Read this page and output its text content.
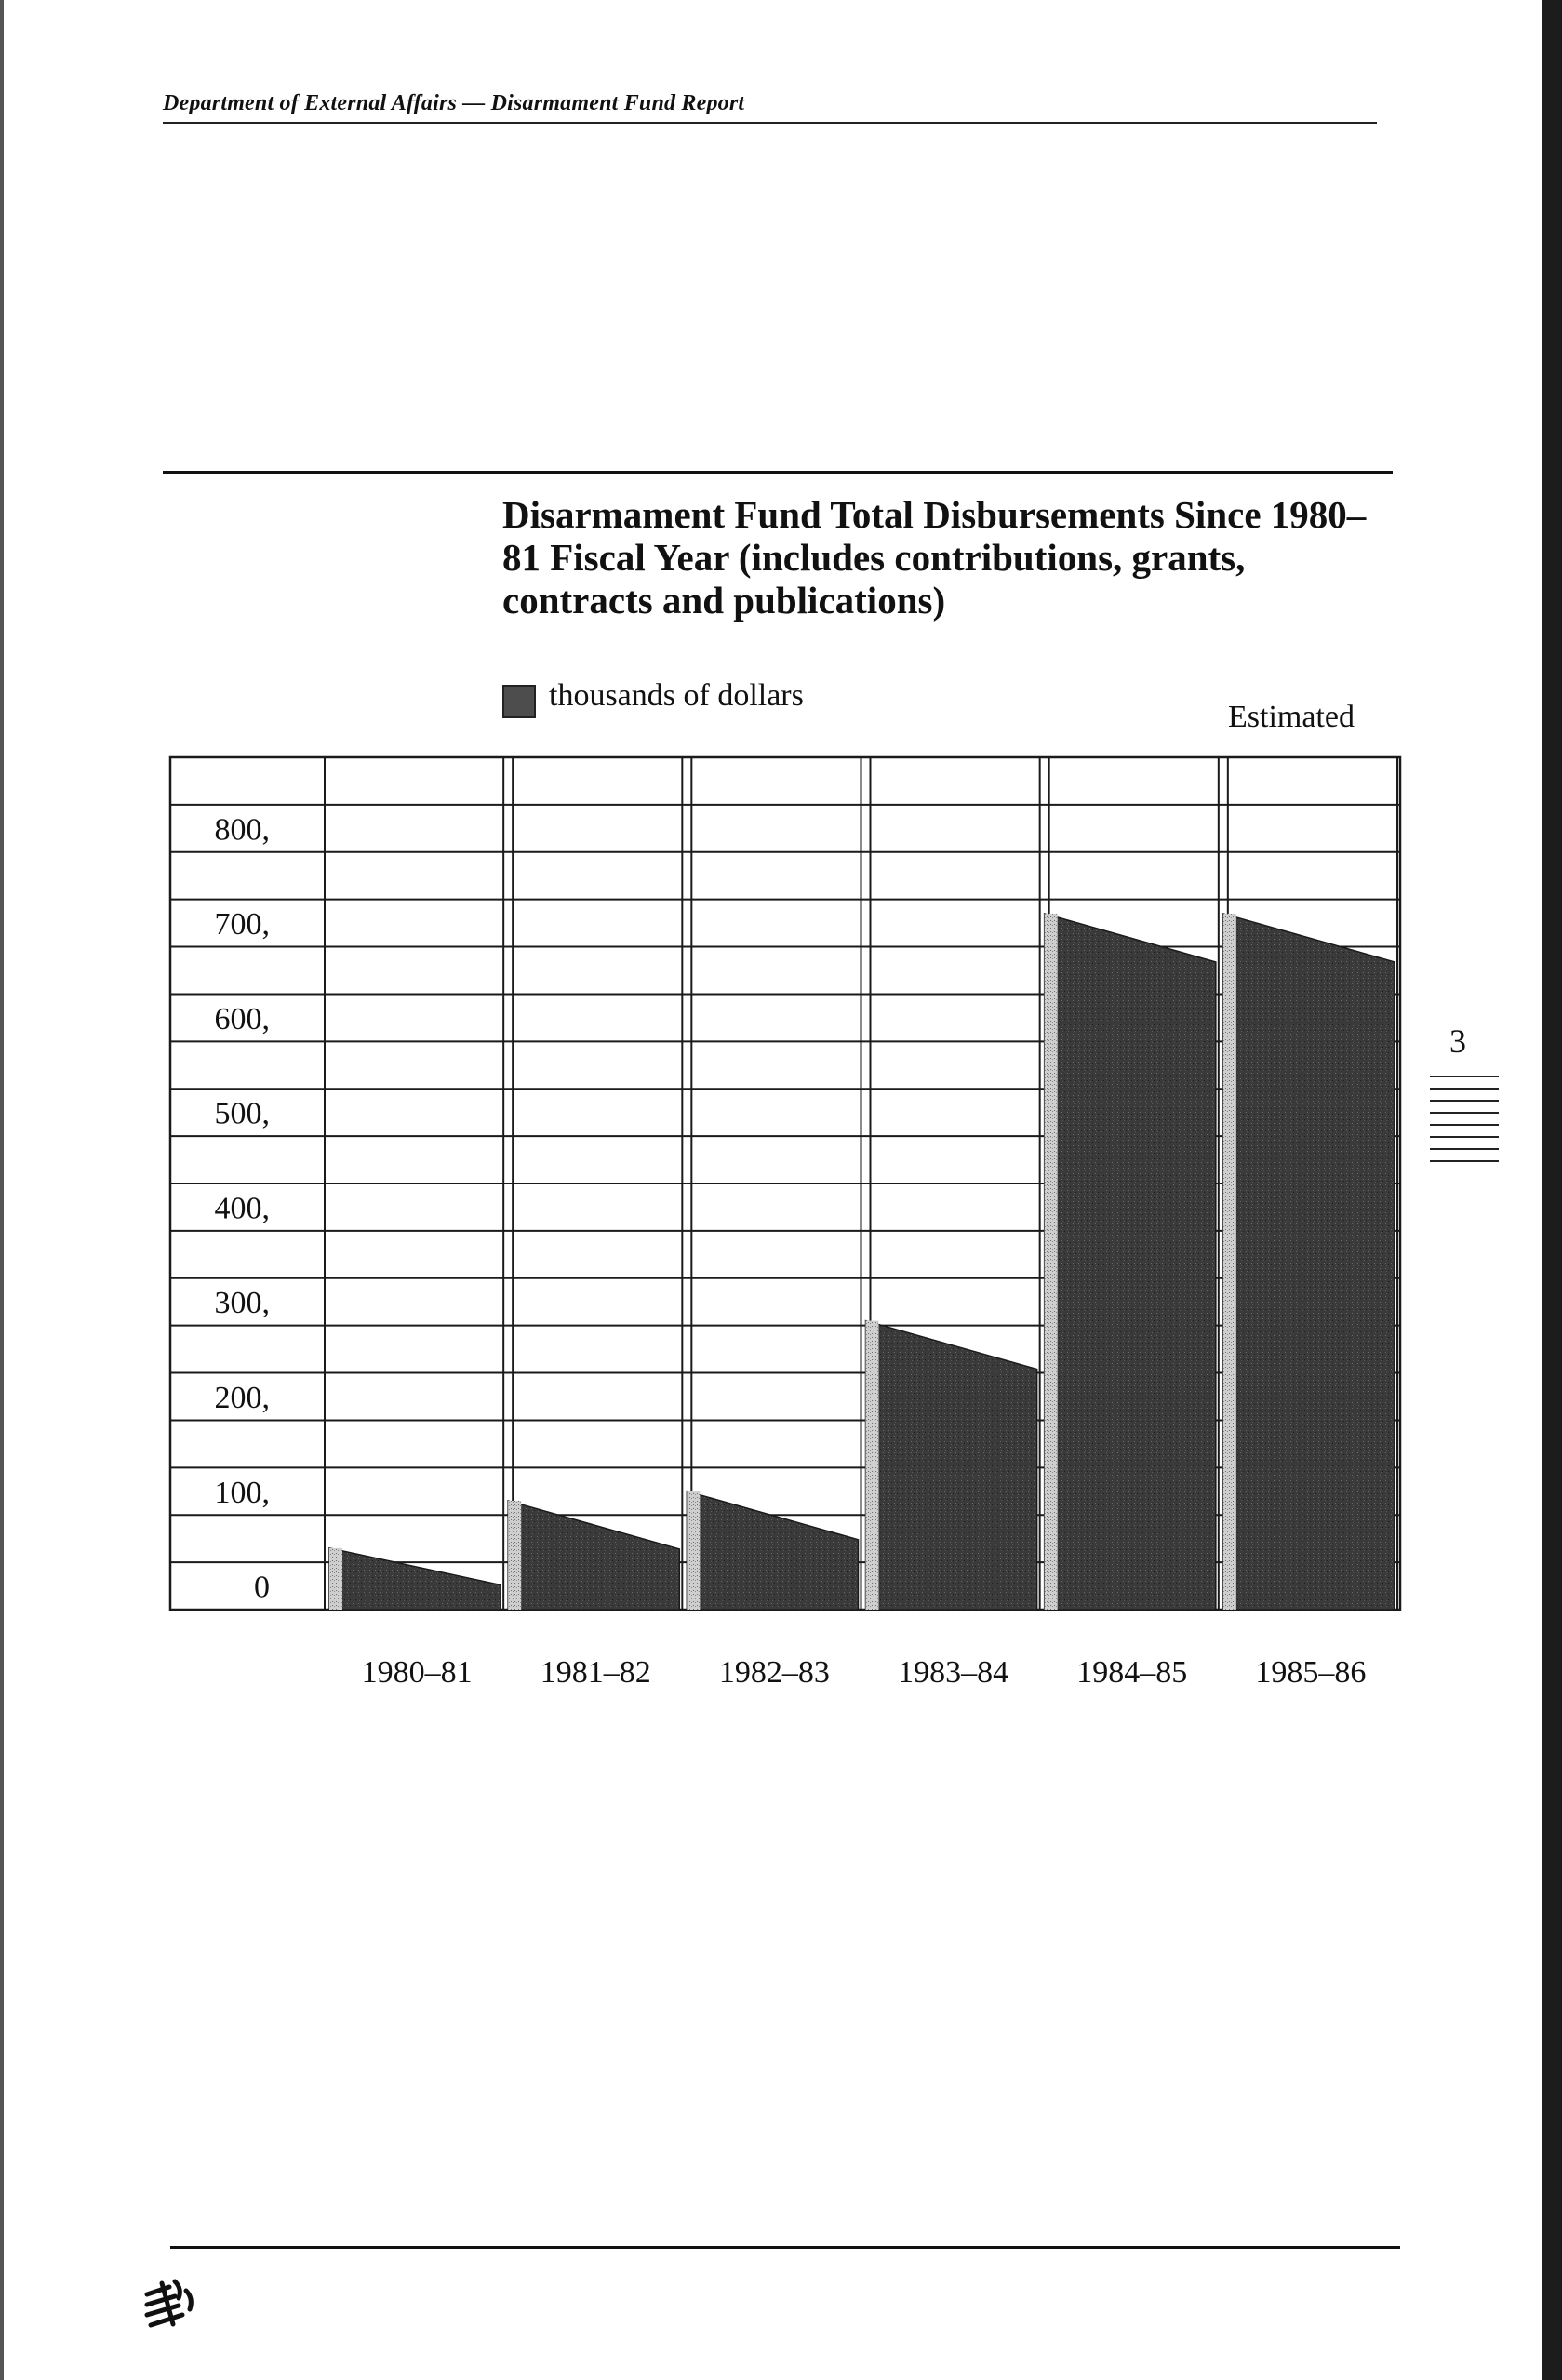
Department of External Affairs — Disarmament Fund Report
Disarmament Fund Total Disbursements Since 1980–81 Fiscal Year (includes contributions, grants, contracts and publications)
thousands of dollars
Estimated
0
100,
200,
300,
400,
500,
600,
700,
800,
1980–81 1981–82 1982–83 1983–84 1984–85 1985–86
3
